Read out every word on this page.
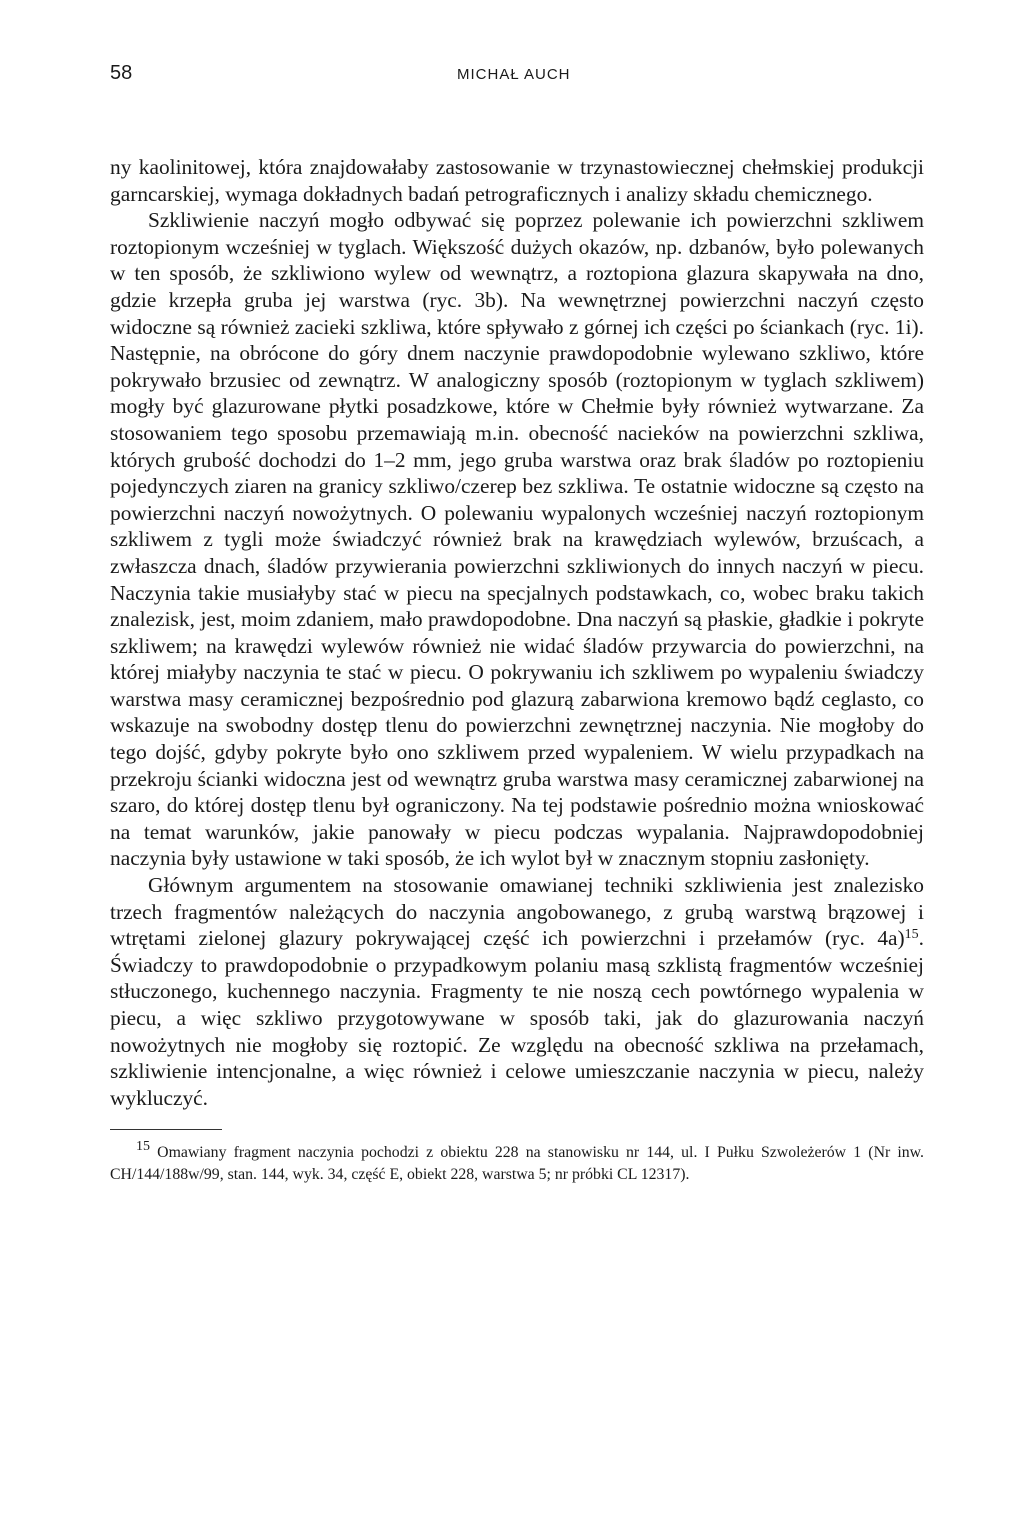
58	MICHAŁ AUCH

ny kaolinitowej, która znajdowałaby zastosowanie w trzynastowiecznej chełmskiej produkcji garncarskiej, wymaga dokładnych badań petrograficznych i analizy składu chemicznego.

Szkliwienie naczyń mogło odbywać się poprzez polewanie ich powierzchni szkliwem roztopionym wcześniej w tyglach. Większość dużych okazów, np. dzbanów, było polewanych w ten sposób, że szkliwiono wylew od wewnątrz, a roztopiona glazura skapywała na dno, gdzie krzepła gruba jej warstwa (ryc. 3b). Na wewnętrznej powierzchni naczyń często widoczne są również zacieki szkliwa, które spływało z górnej ich części po ściankach (ryc. 1i). Następnie, na obrócone do góry dnem naczynie prawdopodobnie wylewano szkliwo, które pokrywało brzusiec od zewnątrz. W analogiczny sposób (roztopionym w tyglach szkliwem) mogły być glazurowane płytki posadzkowe, które w Chełmie były również wytwarzane. Za stosowaniem tego sposobu przemawiają m.in. obecność nacieków na powierzchni szkliwa, których grubość dochodzi do 1–2 mm, jego gruba warstwa oraz brak śladów po roztopieniu pojedynczych ziaren na granicy szkliwo/czerep bez szkliwa. Te ostatnie widoczne są często na powierzchni naczyń nowożytnych. O polewaniu wypalonych wcześniej naczyń roztopionym szkliwem z tygli może świadczyć również brak na krawędziach wylewów, brzuścach, a zwłaszcza dnach, śladów przywierania powierzchni szkliwionych do innych naczyń w piecu. Naczynia takie musiałyby stać w piecu na specjalnych podstawkach, co, wobec braku takich znalezisk, jest, moim zdaniem, mało prawdopodobne. Dna naczyń są płaskie, gładkie i pokryte szkliwem; na krawędzi wylewów również nie widać śladów przywarcia do powierzchni, na której miałyby naczynia te stać w piecu. O pokrywaniu ich szkliwem po wypaleniu świadczy warstwa masy ceramicznej bezpośrednio pod glazurą zabarwiona kremowo bądź ceglasto, co wskazuje na swobodny dostęp tlenu do powierzchni zewnętrznej naczynia. Nie mogłoby do tego dojść, gdyby pokryte było ono szkliwem przed wypaleniem. W wielu przypadkach na przekroju ścianki widoczna jest od wewnątrz gruba warstwa masy ceramicznej zabarwionej na szaro, do której dostęp tlenu był ograniczony. Na tej podstawie pośrednio można wnioskować na temat warunków, jakie panowały w piecu podczas wypalania. Najprawdopodobniej naczynia były ustawione w taki sposób, że ich wylot był w znacznym stopniu zasłonięty.

Głównym argumentem na stosowanie omawianej techniki szkliwienia jest znalezisko trzech fragmentów należących do naczynia angobowanego, z grubą warstwą brązowej i wtrętami zielonej glazury pokrywającej część ich powierzchni i przełamów (ryc. 4a)$^{15}$. Świadczy to prawdopodobnie o przypadkowym polaniu masą szklistą fragmentów wcześniej stłuczonego, kuchennego naczynia. Fragmenty te nie noszą cech powtórnego wypalenia w piecu, a więc szkliwo przygotowywane w sposób taki, jak do glazurowania naczyń nowożytnych nie mogłoby się roztopić. Ze względu na obecność szkliwa na przełamach, szkliwienie intencjonalne, a więc również i celowe umieszczanie naczynia w piecu, należy wykluczyć.

$^{15}$ Omawiany fragment naczynia pochodzi z obiektu 228 na stanowisku nr 144, ul. I Pułku Szwoleżerów 1 (Nr inw. CH/144/188w/99, stan. 144, wyk. 34, część E, obiekt 228, warstwa 5; nr próbki CL 12317).
